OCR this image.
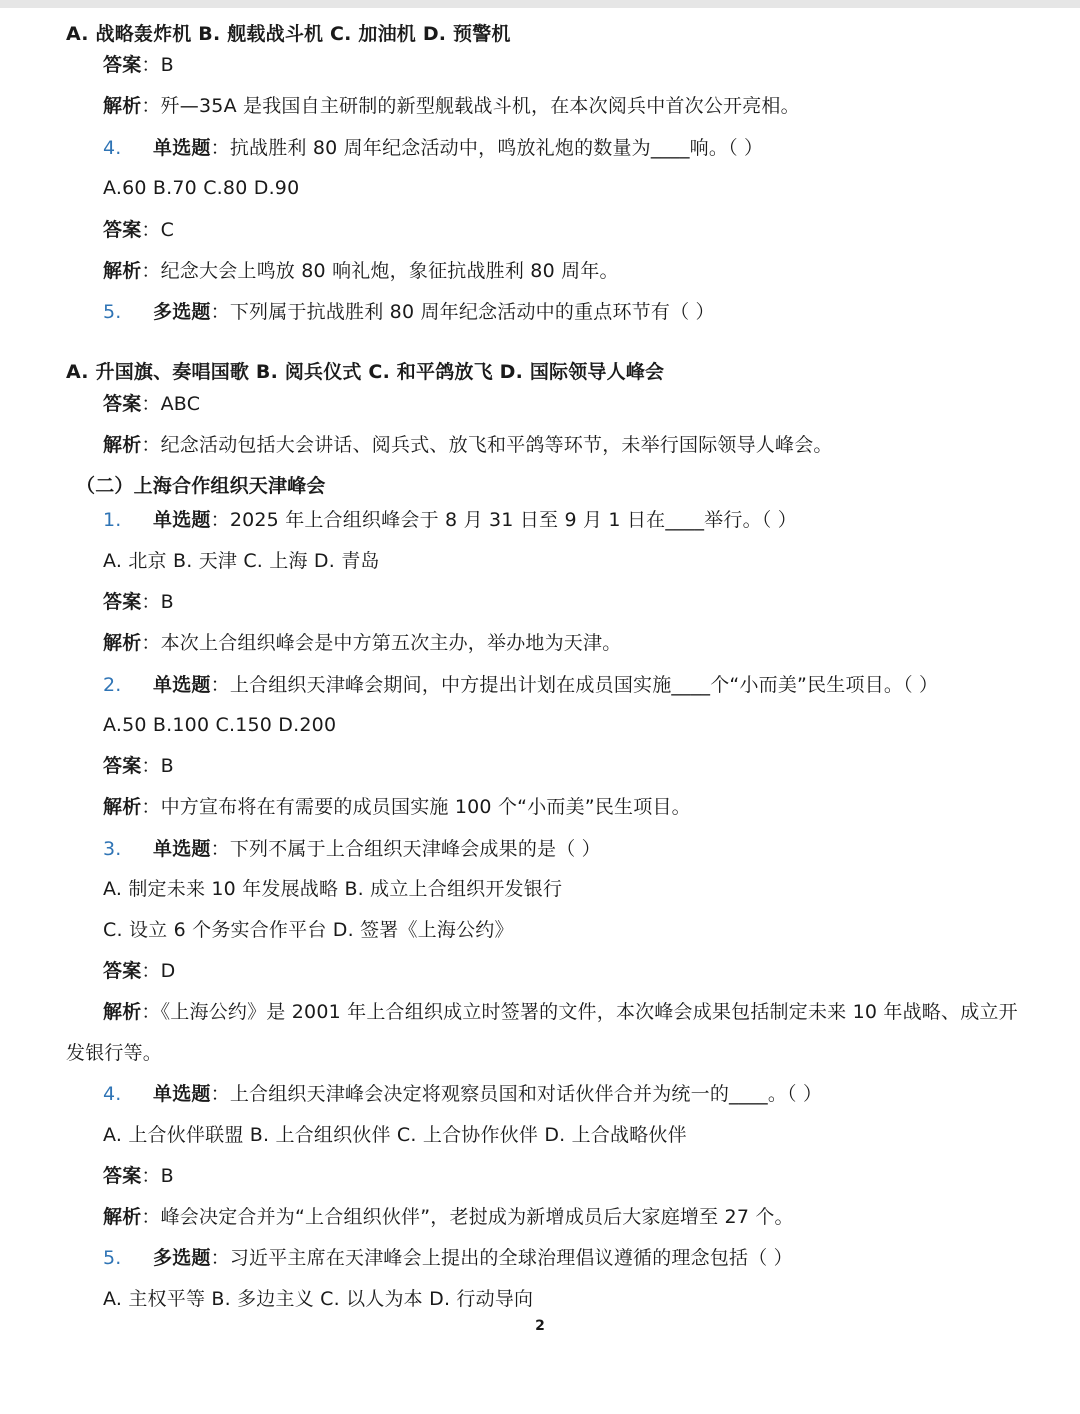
A. 战略轰炸机 B. 舰载战斗机 C. 加油机 D. 预警机
答案：B
解析：歼—35A 是我国自主研制的新型舰载战斗机，在本次阅兵中首次公开亮相。
4. 单选题：抗战胜利 80 周年纪念活动中，鸣放礼炮的数量为____响。（ ）
A.60 B.70 C.80 D.90
答案：C
解析：纪念大会上鸣放 80 响礼炮，象征抗战胜利 80 周年。
5. 多选题：下列属于抗战胜利 80 周年纪念活动中的重点环节有（ ）
A. 升国旗、奏唱国歌 B. 阅兵仪式 C. 和平鸽放飞 D. 国际领导人峰会
答案：ABC
解析：纪念活动包括大会讲话、阅兵式、放飞和平鸽等环节，未举行国际领导人峰会。
（二）上海合作组织天津峰会
1. 单选题：2025 年上合组织峰会于 8 月 31 日至 9 月 1 日在____举行。（ ）
A. 北京 B. 天津 C. 上海 D. 青岛
答案：B
解析：本次上合组织峰会是中方第五次主办，举办地为天津。
2. 单选题：上合组织天津峰会期间，中方提出计划在成员国实施____个“小而美”民生项目。（ ）
A.50 B.100 C.150 D.200
答案：B
解析：中方宣布将在有需要的成员国实施 100 个“小而美”民生项目。
3. 单选题：下列不属于上合组织天津峰会成果的是（ ）
A. 制定未来 10 年发展战略 B. 成立上合组织开发银行
C. 设立 6 个务实合作平台 D. 签署《上海公约》
答案：D
解析：《上海公约》是 2001 年上合组织成立时签署的文件，本次峰会成果包括制定未来 10 年战略、成立开
发银行等。
4. 单选题：上合组织天津峰会决定将观察员国和对话伙伴合并为统一的____。（ ）
A. 上合伙伴联盟 B. 上合组织伙伴 C. 上合协作伙伴 D. 上合战略伙伴
答案：B
解析：峰会决定合并为“上合组织伙伴”，老挝成为新增成员后大家庭增至 27 个。
5. 多选题：习近平主席在天津峰会上提出的全球治理倡议遵循的理念包括（ ）
A. 主权平等 B. 多边主义 C. 以人为本 D. 行动导向
2
